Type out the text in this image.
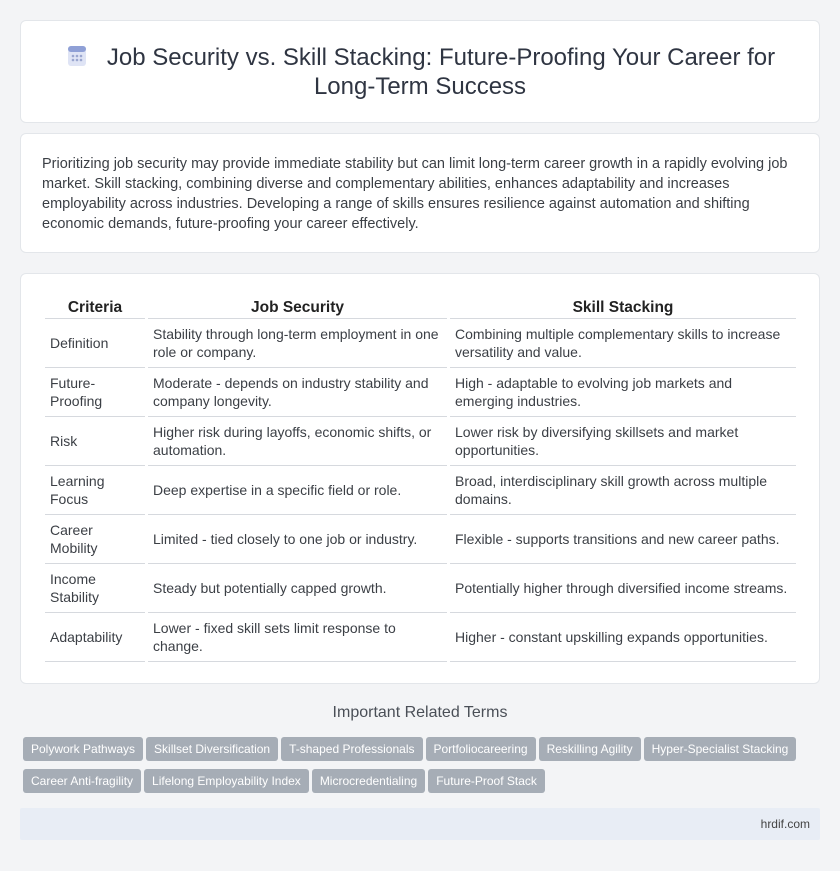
Job Security vs. Skill Stacking: Future-Proofing Your Career for Long-Term Success

Prioritizing job security may provide immediate stability but can limit long-term career growth in a rapidly evolving job market. Skill stacking, combining diverse and complementary abilities, enhances adaptability and increases employability across industries. Developing a range of skills ensures resilience against automation and shifting economic demands, future-proofing your career effectively.

Criteria	Job Security	Skill Stacking
Definition	Stability through long-term employment in one role or company.	Combining multiple complementary skills to increase versatility and value.
Future-Proofing	Moderate - depends on industry stability and company longevity.	High - adaptable to evolving job markets and emerging industries.
Risk	Higher risk during layoffs, economic shifts, or automation.	Lower risk by diversifying skillsets and market opportunities.
Learning Focus	Deep expertise in a specific field or role.	Broad, interdisciplinary skill growth across multiple domains.
Career Mobility	Limited - tied closely to one job or industry.	Flexible - supports transitions and new career paths.
Income Stability	Steady but potentially capped growth.	Potentially higher through diversified income streams.
Adaptability	Lower - fixed skill sets limit response to change.	Higher - constant upskilling expands opportunities.
Important Related Terms
Polywork Pathways Skillset Diversification T-shaped Professionals Portfoliocareering Reskilling Agility Hyper-Specialist StackingCareer Anti-fragility Lifelong Employability Index Microcredentialing Future-Proof Stack
hrdif.com
